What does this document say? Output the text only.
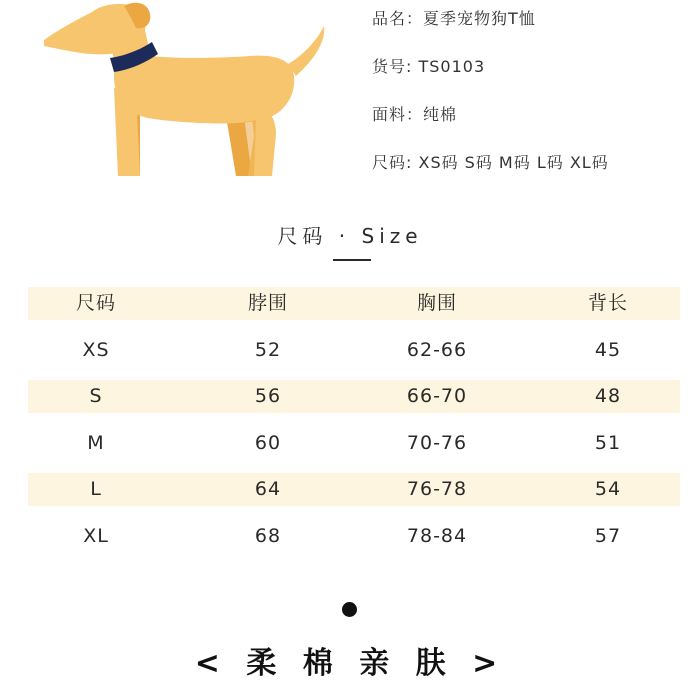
品名：夏季宠物狗T恤
货号: TS0103
面料：纯棉
尺码: XS码 S码 M码 L码 XL码
尺码 · Size
尺码	脖围	胸围	背长
XS	52	62-66	45
S	56	66-70	48
M	60	70-76	51
L	64	76-78	54
XL	68	78-84	57
< 柔 棉 亲 肤 >
